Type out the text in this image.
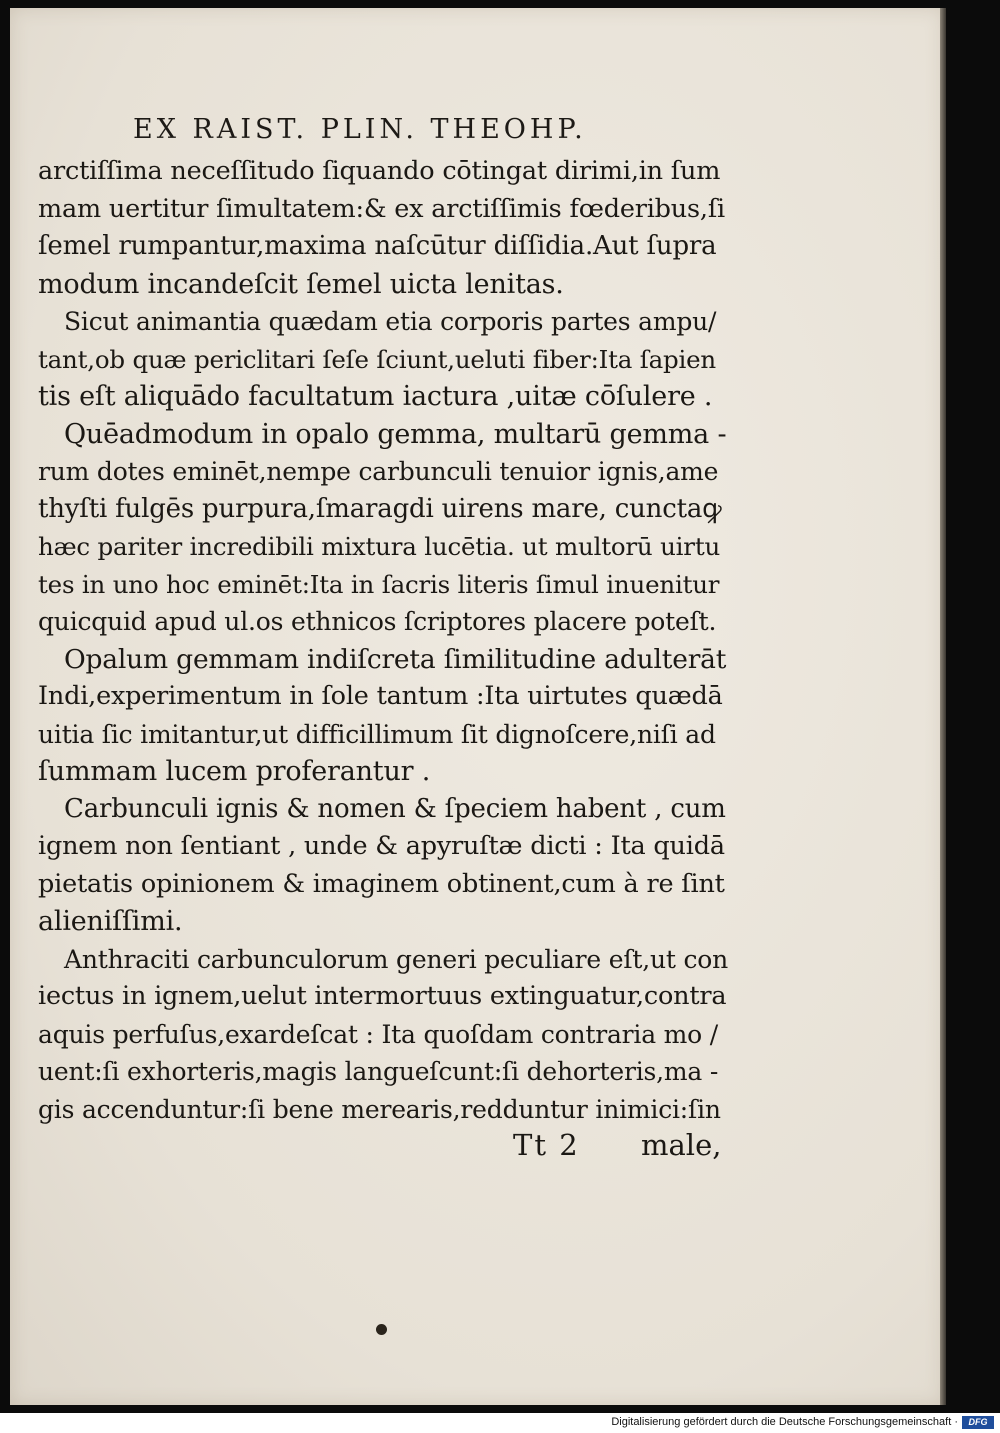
EX RAIST. PLIN. THEOHP.
arctiſſima neceſſitudo ſiquando cōtingat dirimi,in ſum
mam uertitur ſimultatem:& ex arctiſſimis fœderibus,ſi
ſemel rumpantur,maxima naſcūtur diſſidia.Aut ſupra
modum incandeſcit ſemel uicta lenitas.
Sicut animantia quædam etia corporis partes ampu/
tant,ob quæ periclitari ſeſe ſciunt,ueluti fiber:Ita ſapien
tis eſt aliquādo facultatum iactura ,uitæ cōſulere .
Quēadmodum in opalo gemma, multarū gemma -
rum dotes eminēt,nempe carbunculi tenuior ignis,ame
thyſti fulgēs purpura,ſmaragdi uirens mare, cunctaꝙ
hæc pariter incredibili mixtura lucētia. ut multorū uirtu
tes in uno hoc eminēt:Ita in ſacris literis ſimul inuenitur
quicquid apud ul.os ethnicos ſcriptores placere poteſt.
Opalum gemmam indiſcreta ſimilitudine adulterāt
Indi,experimentum in ſole tantum :Ita uirtutes quædā
uitia ſic imitantur,ut difficillimum ſit dignoſcere,niſi ad
ſummam lucem proferantur .
Carbunculi ignis & nomen & ſpeciem habent , cum
ignem non ſentiant , unde & apyruſtæ dicti : Ita quidā
pietatis opinionem & imaginem obtinent,cum à re ſint
alieniſſimi.
Anthraciti carbunculorum generi peculiare eſt,ut con
iectus in ignem,uelut intermortuus extinguatur,contra
aquis perfuſus,exardeſcat : Ita quoſdam contraria mo /
uent:ſi exhorteris,magis langueſcunt:ſi dehorteris,ma -
gis accenduntur:ſi bene merearis,redduntur inimici:ſin
Tt 2 male,
Digitalisierung gefördert durch die Deutsche Forschungsgemeinschaft ·	DFG
